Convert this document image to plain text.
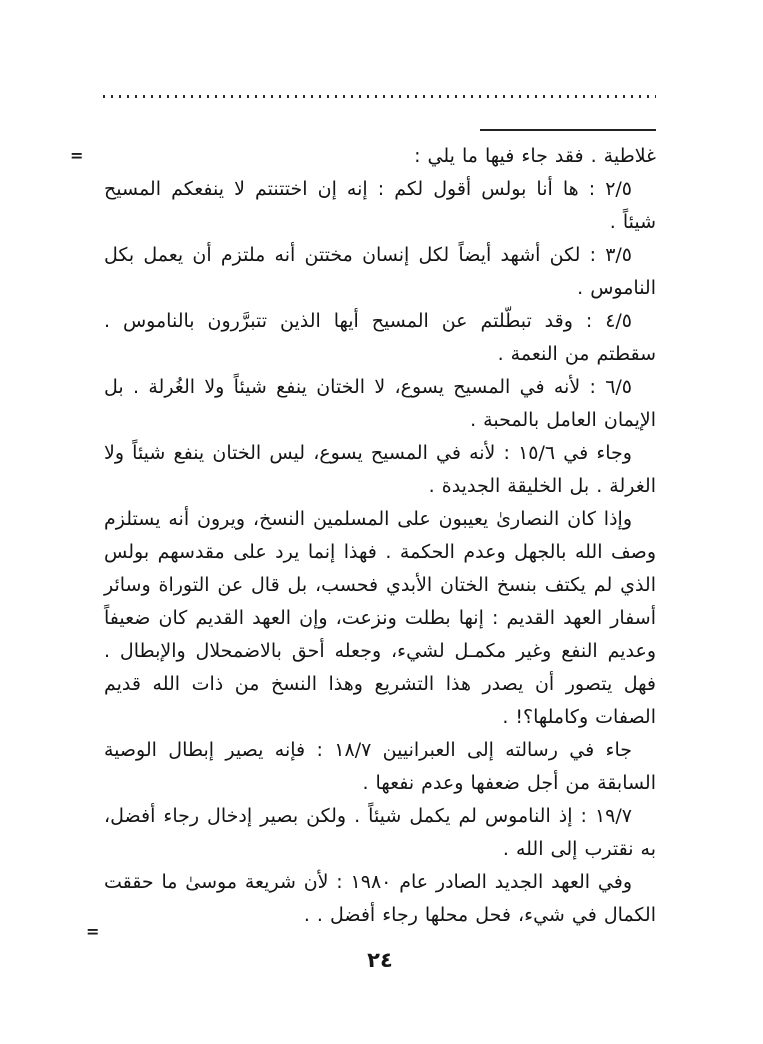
=
=

غلاطية . فقد جاء فيها ما يلي :

٢/٥ : ها أنا بولس أقول لكم : إنه إن اختتنتم لا ينفعكم المسيح شيئاً .

٣/٥ : لكن أشهد أيضاً لكل إنسان مختتن أنه ملتزم أن يعمل بكل الناموس .

٤/٥ : وقد تبطّلتم عن المسيح أيها الذين تتبرَّرون بالناموس . سقطتم من النعمة .

٦/٥ : لأنه في المسيح يسوع، لا الختان ينفع شيئاً ولا الغُرلة . بل الإيمان العامل بالمحبة .

وجاء في ١٥/٦ : لأنه في المسيح يسوع، ليس الختان ينفع شيئاً ولا الغرلة . بل الخليقة الجديدة .

وإذا كان النصارىٰ يعيبون على المسلمين النسخ، ويرون أنه يستلزم وصف الله بالجهل وعدم الحكمة . فهذا إنما يرد على مقدسهم بولس الذي لم يكتف بنسخ الختان الأبدي فحسب، بل قال عن التوراة وسائر أسفار العهد القديم : إنها بطلت ونزعت، وإن العهد القديم كان ضعيفاً وعديم النفع وغير مكمـل لشيء، وجعله أحق بالاضمحلال والإبطال . فهل يتصور أن يصدر هذا التشريع وهذا النسخ من ذات الله قديم الصفات وكاملها؟! .

جاء في رسالته إلى العبرانيين ١٨/٧ : فإنه يصير إبطال الوصية السابقة من أجل ضعفها وعدم نفعها .

١٩/٧ : إذ الناموس لم يكمل شيئاً . ولكن بصير إدخال رجاء أفضل، به نقترب إلى الله .

وفي العهد الجديد الصادر عام ١٩٨٠ : لأن شريعة موسىٰ ما حققت الكمال في شيء، فحل محلها رجاء أفضل . .

٢٤
